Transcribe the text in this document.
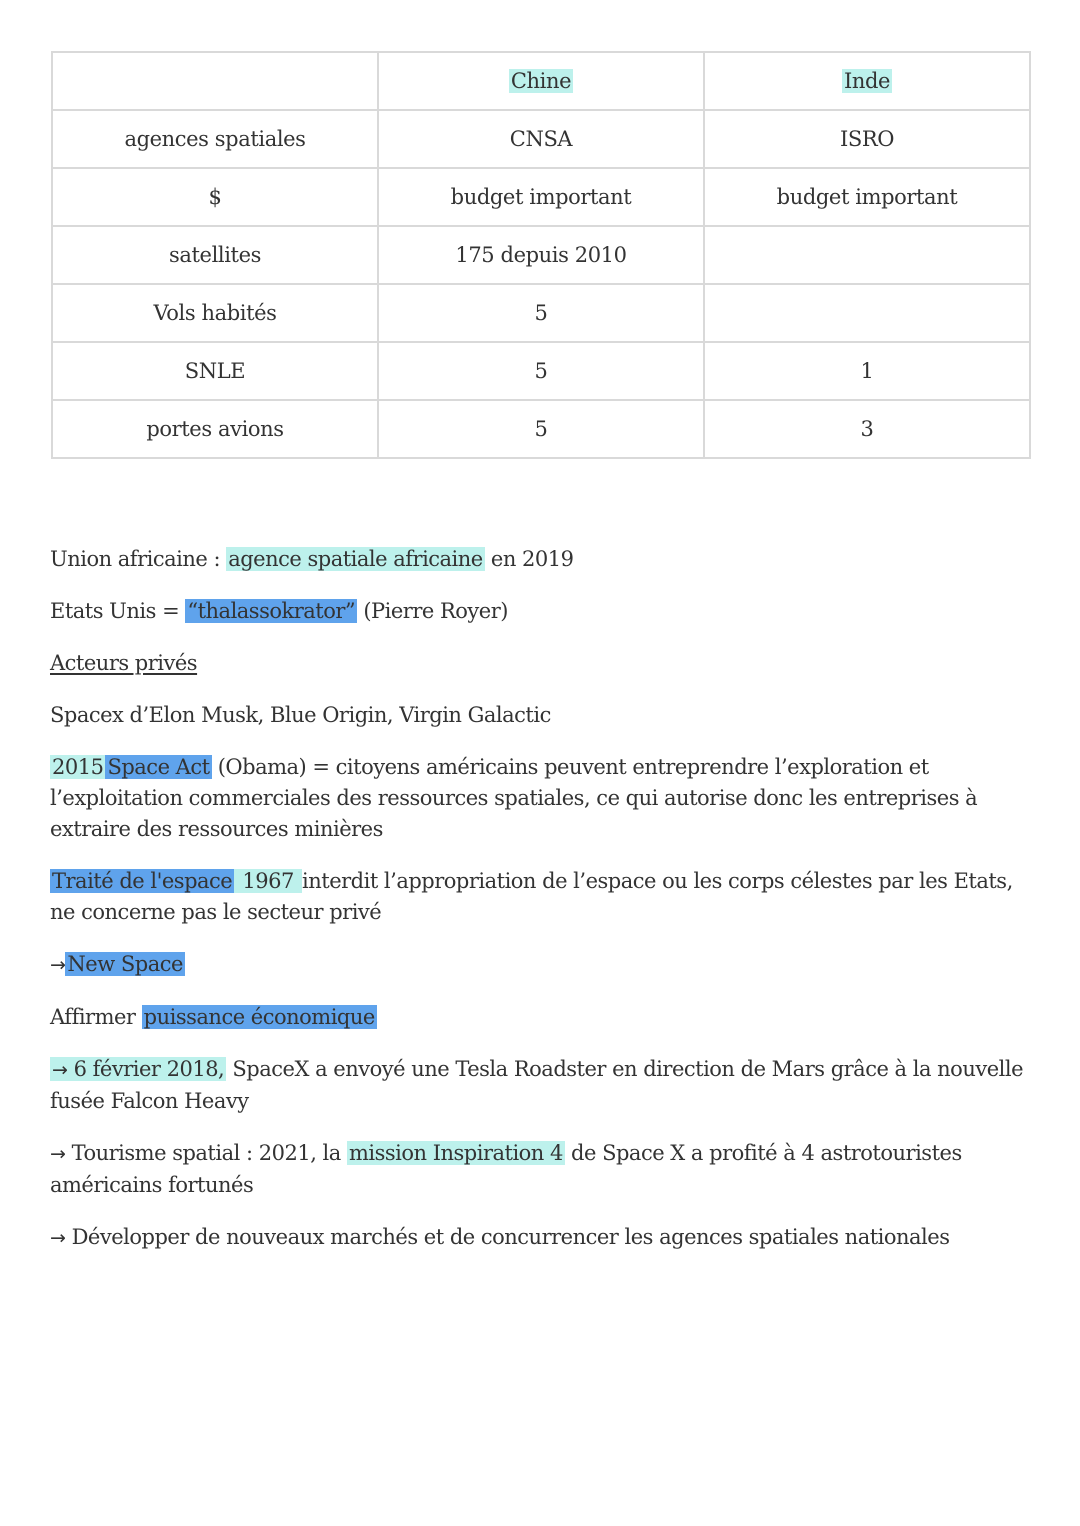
	Chine	Inde
agences spatiales	CNSA	ISRO
$	budget important	budget important
satellites	175 depuis 2010	
Vols habités	5	
SNLE	5	1
portes avions	5	3

Union africaine : agence spatiale africaine en 2019

Etats Unis = “thalassokrator” (Pierre Royer)

Acteurs privés

Spacex d’Elon Musk, Blue Origin, Virgin Galactic

2015 Space Act (Obama) = citoyens américains peuvent entreprendre l’exploration et l’exploitation commerciales des ressources spatiales, ce qui autorise donc les entreprises à extraire des ressources minières

Traité de l'espace 1967 interdit l’appropriation de l’espace ou les corps célestes par les Etats, ne concerne pas le secteur privé

→New Space

Affirmer puissance économique

→ 6 février 2018, SpaceX a envoyé une Tesla Roadster en direction de Mars grâce à la nouvelle fusée Falcon Heavy

→ Tourisme spatial : 2021, la mission Inspiration 4 de Space X a profité à 4 astrotouristes américains fortunés

→ Développer de nouveaux marchés et de concurrencer les agences spatiales nationales
